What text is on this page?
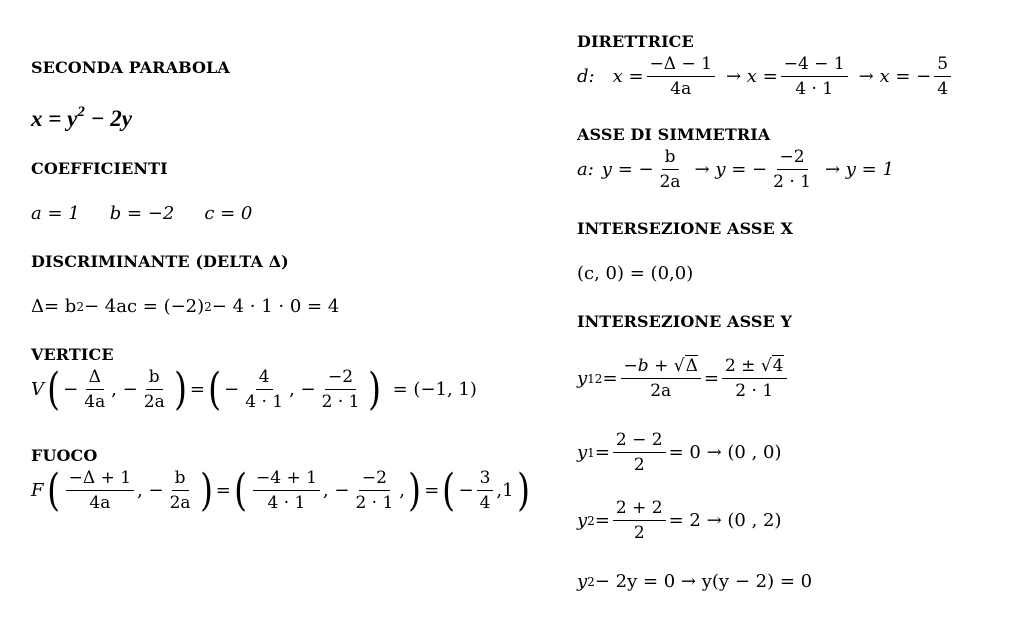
SECONDA PARABOLA
$x = y^2 - 2y$
COEFFICIENTI
a = 1 b = −2 c = 0
DISCRIMINANTE (DELTA Δ)
Δ= b 2 − 4ac = (−2) 2 − 4 · 1 · 0 = 4
VERTICE
V ( − $\frac{\Delta}{4a}$ , − $\frac{b}{2a}$ ) = ( − $\frac{4}{4 \cdot 1}$ , − $\frac{-2}{2 \cdot 1}$ ) = (−1, 1)
FUOCO
F ( $\frac{-\Delta + 1}{4a}$ , − $\frac{b}{2a}$ ) = ( $\frac{-4 + 1}{4 \cdot 1}$ , − $\frac{-2}{2 \cdot 1}$ , ) = ( − $\frac{3}{4}$ , 1 )
DIRETTRICE
d: $x = \frac{-\Delta - 1}{4a} \to x = \frac{-4 - 1}{4 \cdot 1} \to x$ = − $\frac{5}{4}$
ASSE DI SIMMETRIA
a: y = − $\frac{b}{2a} \to y$ = − $\frac{-2}{2 \cdot 1} \to y = 1$
INTERSEZIONE ASSE X
(c, 0) = (0,0)
INTERSEZIONE ASSE Y
y $12 = \frac{-b + √\Delta}{2a} = \frac{2 \pm √4}{2 \cdot 1}$
y $1 = \frac{2 - 2}{2} = 0 \to (0$ , 0)
y $2 = \frac{2 + 2}{2} = 2 \to (0$ , 2)
y 2 − 2y = 0 → y(y − 2) = 0
